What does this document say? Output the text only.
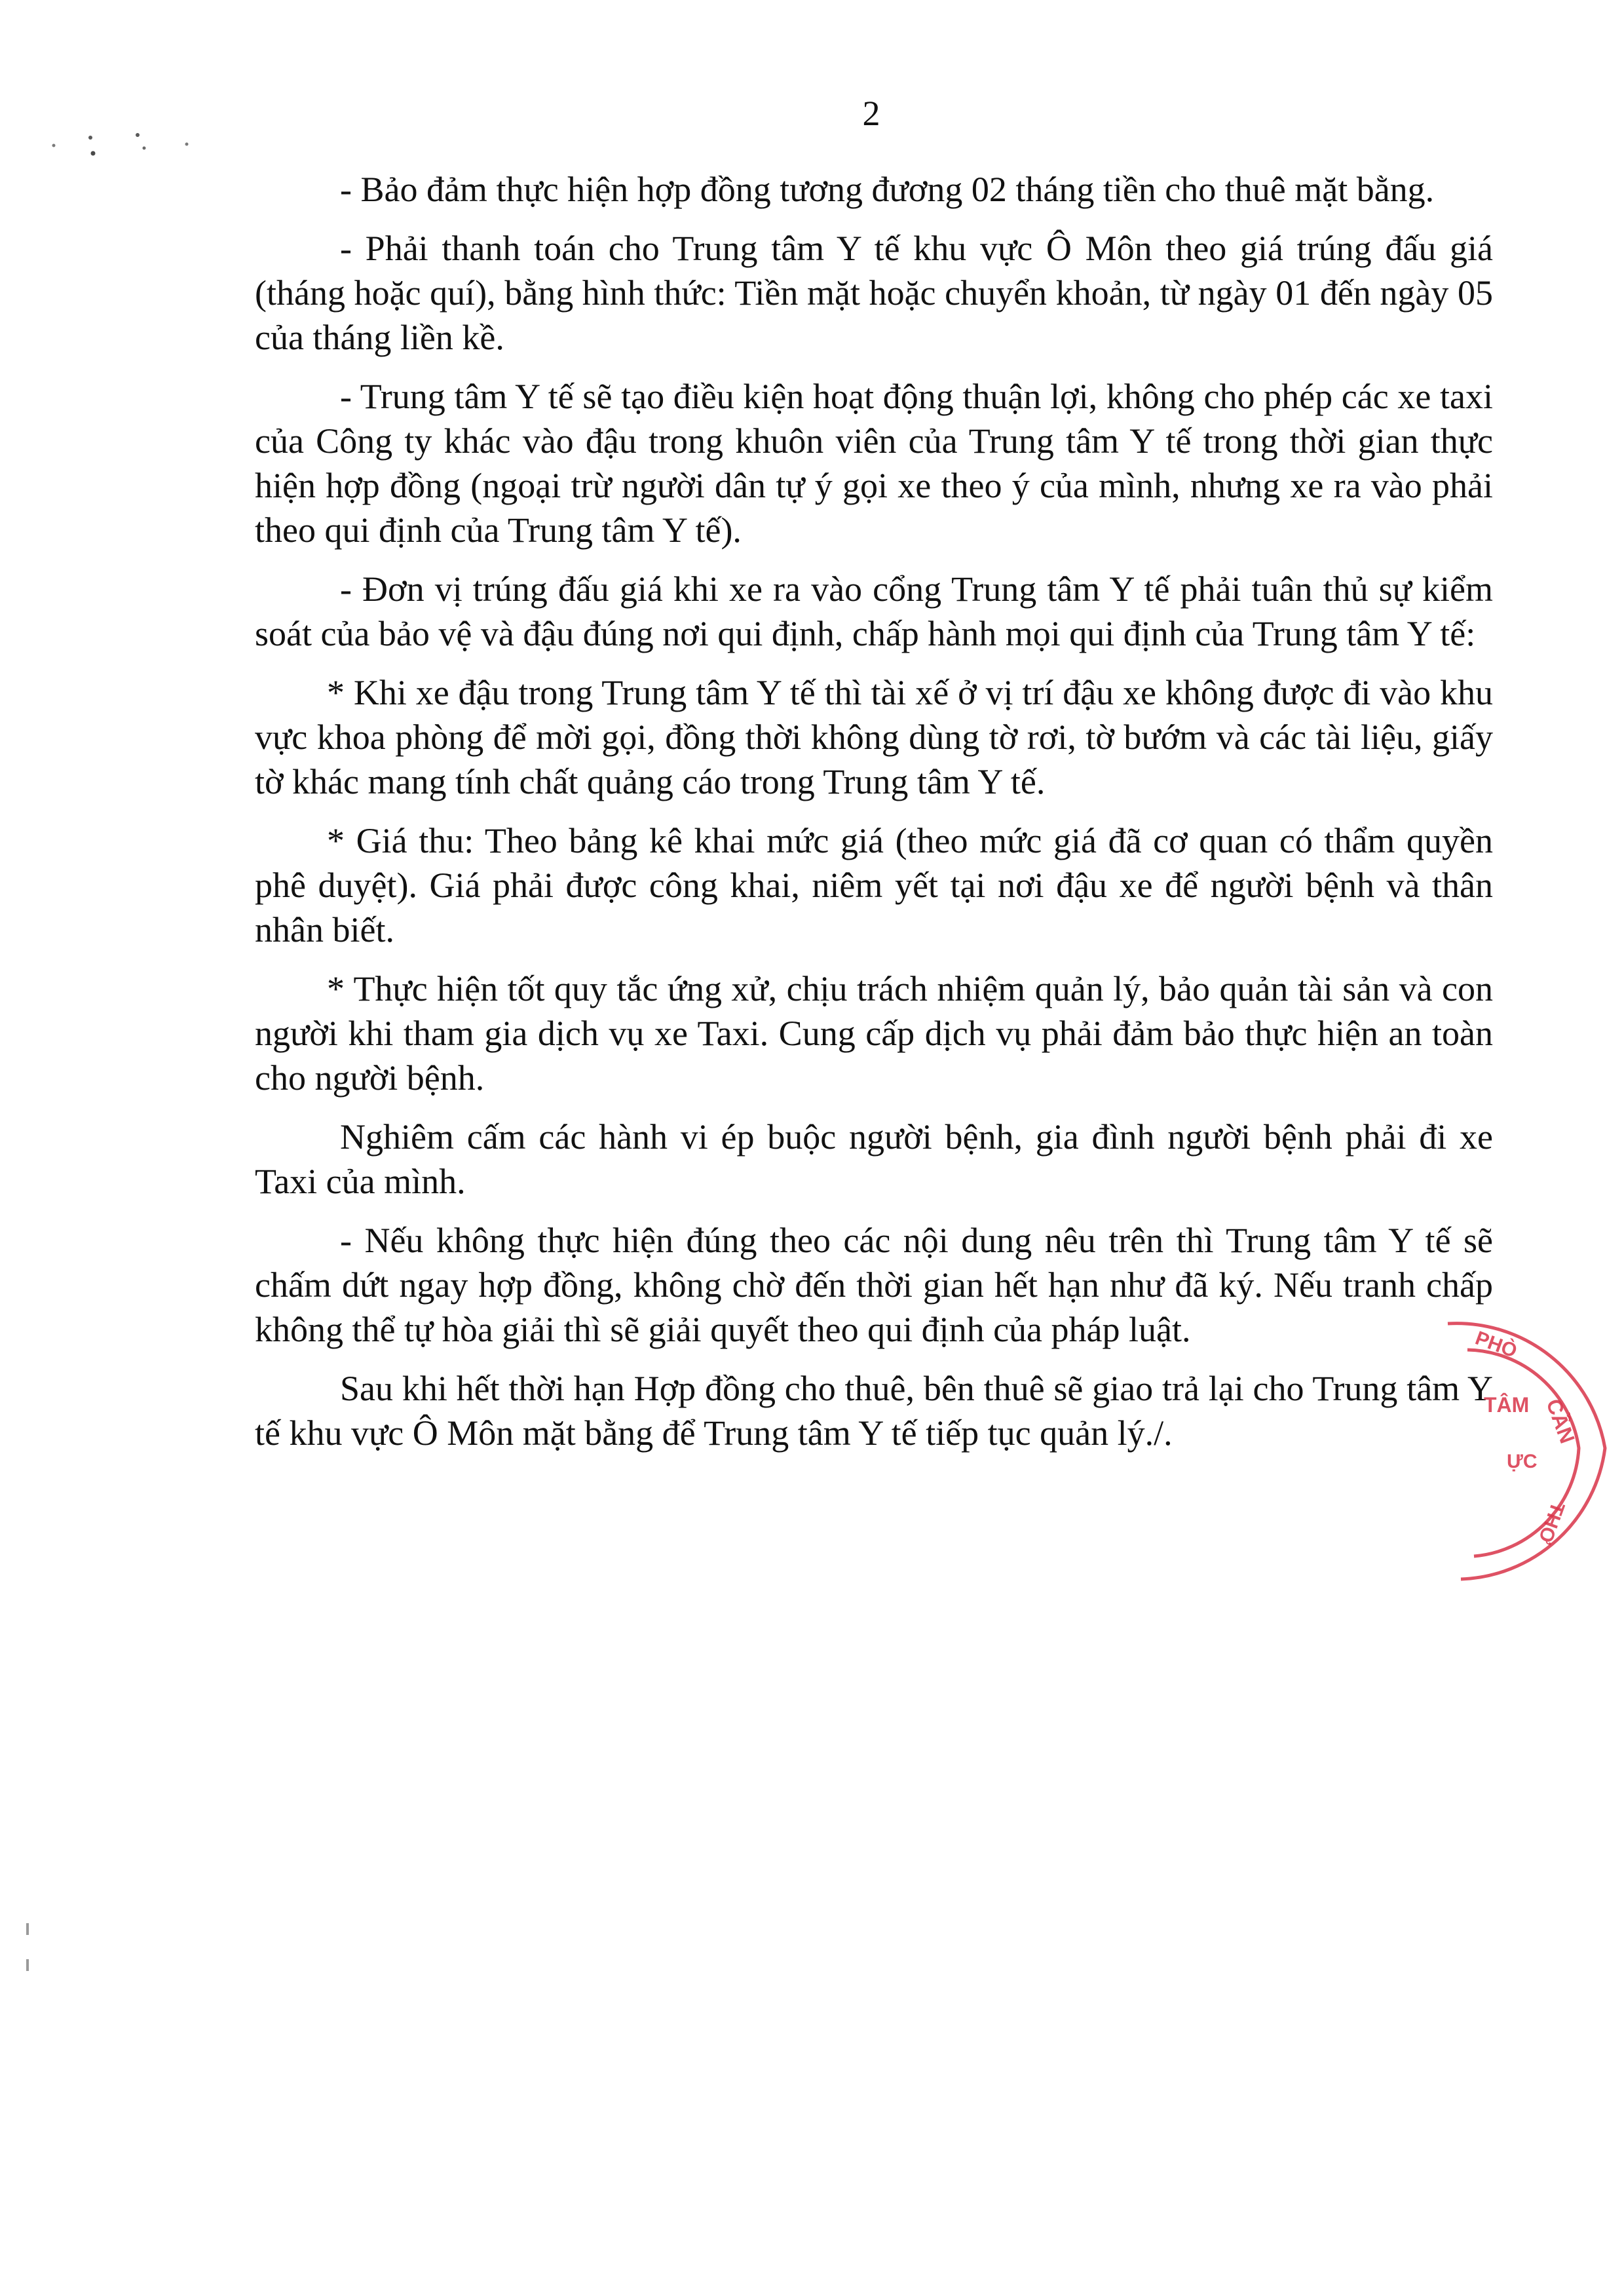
2

- Bảo đảm thực hiện hợp đồng tương đương 02 tháng tiền cho thuê mặt bằng.

- Phải thanh toán cho Trung tâm Y tế khu vực Ô Môn theo giá trúng đấu giá (tháng hoặc quí), bằng hình thức: Tiền mặt hoặc chuyển khoản, từ ngày 01 đến ngày 05 của tháng liền kề.

- Trung tâm Y tế sẽ tạo điều kiện hoạt động thuận lợi, không cho phép các xe taxi của Công ty khác vào đậu trong khuôn viên của Trung tâm Y tế trong thời gian thực hiện hợp đồng (ngoại trừ người dân tự ý gọi xe theo ý của mình, nhưng xe ra vào phải theo qui định của Trung tâm Y tế).

- Đơn vị trúng đấu giá khi xe ra vào cổng Trung tâm Y tế phải tuân thủ sự kiểm soát của bảo vệ và đậu đúng nơi qui định, chấp hành mọi qui định của Trung tâm Y tế:

* Khi xe đậu trong Trung tâm Y tế thì tài xế ở vị trí đậu xe không được đi vào khu vực khoa phòng để mời gọi, đồng thời không dùng tờ rơi, tờ bướm và các tài liệu, giấy tờ khác mang tính chất quảng cáo trong Trung tâm Y tế.

* Giá thu: Theo bảng kê khai mức giá (theo mức giá đã cơ quan có thẩm quyền phê duyệt). Giá phải được công khai, niêm yết tại nơi đậu xe để người bệnh và thân nhân biết.

* Thực hiện tốt quy tắc ứng xử, chịu trách nhiệm quản lý, bảo quản tài sản và con người khi tham gia dịch vụ xe Taxi. Cung cấp dịch vụ phải đảm bảo thực hiện an toàn cho người bệnh.

Nghiêm cấm các hành vi ép buộc người bệnh, gia đình người bệnh phải đi xe Taxi của mình.

- Nếu không thực hiện đúng theo các nội dung nêu trên thì Trung tâm Y tế sẽ chấm dứt ngay hợp đồng, không chờ đến thời gian hết hạn như đã ký. Nếu tranh chấp không thể tự hòa giải thì sẽ giải quyết theo qui định của pháp luật.

Sau khi hết thời hạn Hợp đồng cho thuê, bên thuê sẽ giao trả lại cho Trung tâm Y tế khu vực Ô Môn mặt bằng để Trung tâm Y tế tiếp tục quản lý./.

PHÒ
TÂM CẦN
ỰC
THƠ
